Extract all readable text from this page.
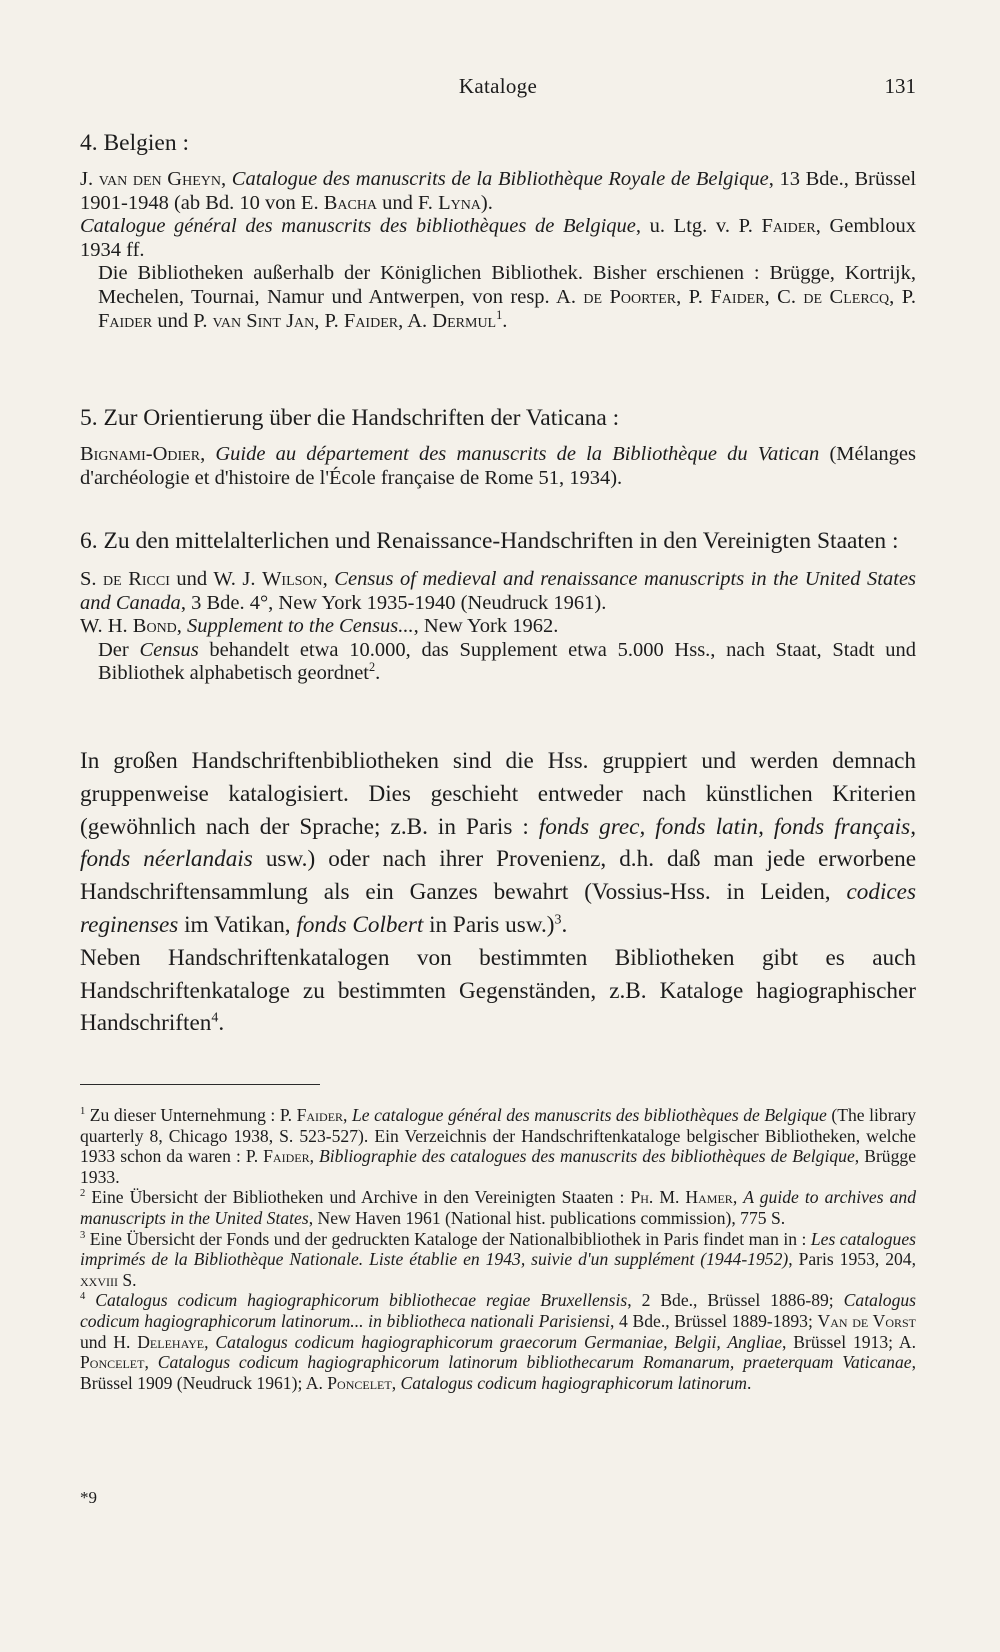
Kataloge	131

4. Belgien :

J. van den Gheyn, Catalogue des manuscrits de la Bibliothèque Royale de Belgique, 13 Bde., Brüssel 1901-1948 (ab Bd. 10 von E. Bacha und F. Lyna).

Catalogue général des manuscrits des bibliothèques de Belgique, u. Ltg. v. P. Faider, Gembloux 1934 ff.

Die Bibliotheken außerhalb der Königlichen Bibliothek. Bisher erschienen : Brügge, Kortrijk, Mechelen, Tournai, Namur und Antwerpen, von resp. A. de Poorter, P. Faider, C. de Clercq, P. Faider und P. van Sint Jan, P. Faider, A. Dermul$^1$.

5. Zur Orientierung über die Handschriften der Vaticana :

Bignami-Odier, Guide au département des manuscrits de la Bibliothèque du Vatican (Mélanges d'archéologie et d'histoire de l'École française de Rome 51, 1934).

6. Zu den mittelalterlichen und Renaissance-Handschriften in den Vereinigten Staaten :

S. de Ricci und W. J. Wilson, Census of medieval and renaissance manuscripts in the United States and Canada, 3 Bde. 4°, New York 1935-1940 (Neudruck 1961).

W. H. Bond, Supplement to the Census..., New York 1962.

Der Census behandelt etwa 10.000, das Supplement etwa 5.000 Hss., nach Staat, Stadt und Bibliothek alphabetisch geordnet$^2$.

In großen Handschriftenbibliotheken sind die Hss. gruppiert und werden demnach gruppenweise katalogisiert. Dies geschieht entweder nach künstlichen Kriterien (gewöhnlich nach der Sprache; z.B. in Paris : fonds grec, fonds latin, fonds français, fonds néerlandais usw.) oder nach ihrer Provenienz, d.h. daß man jede erworbene Handschriftensammlung als ein Ganzes bewahrt (Vossius-Hss. in Leiden, codices reginenses im Vatikan, fonds Colbert in Paris usw.)$^3$.

Neben Handschriftenkatalogen von bestimmten Bibliotheken gibt es auch Handschriftenkataloge zu bestimmten Gegenständen, z.B. Kataloge hagiographischer Handschriften$^4$.

$^1$ Zu dieser Unternehmung : P. Faider, Le catalogue général des manuscrits des bibliothèques de Belgique (The library quarterly 8, Chicago 1938, S. 523-527). Ein Verzeichnis der Handschriftenkataloge belgischer Bibliotheken, welche 1933 schon da waren : P. Faider, Bibliographie des catalogues des manuscrits des bibliothèques de Belgique, Brügge 1933.

$^2$ Eine Übersicht der Bibliotheken und Archive in den Vereinigten Staaten : Ph. M. Hamer, A guide to archives and manuscripts in the United States, New Haven 1961 (National hist. publications commission), 775 S.

$^3$ Eine Übersicht der Fonds und der gedruckten Kataloge der Nationalbibliothek in Paris findet man in : Les catalogues imprimés de la Bibliothèque Nationale. Liste établie en 1943, suivie d'un supplément (1944-1952), Paris 1953, 204, xxviii S.

$^4$ Catalogus codicum hagiographicorum bibliothecae regiae Bruxellensis, 2 Bde., Brüssel 1886-89; Catalogus codicum hagiographicorum latinorum... in bibliotheca nationali Parisiensi, 4 Bde., Brüssel 1889-1893; Van de Vorst und H. Delehaye, Catalogus codicum hagiographicorum graecorum Germaniae, Belgii, Angliae, Brüssel 1913; A. Poncelet, Catalogus codicum hagiographicorum latinorum bibliothecarum Romanarum, praeterquam Vaticanae, Brüssel 1909 (Neudruck 1961); A. Poncelet, Catalogus codicum hagiographicorum latinorum.

*9
